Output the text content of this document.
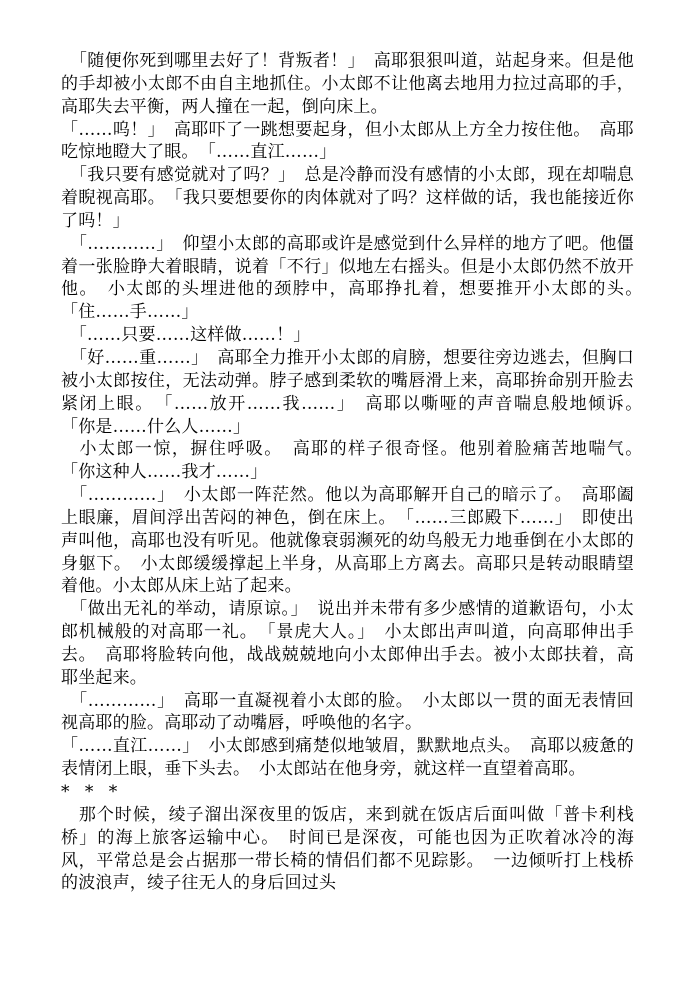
　「随便你死到哪里去好了！背叛者！」　高耶狠狠叫道，站起身来。但是他的手却被小太郎不由自主地抓住。小太郎不让他离去地用力拉过高耶的手，高耶失去平衡，两人撞在一起，倒向床上。

「……呜！」　高耶吓了一跳想要起身，但小太郎从上方全力按住他。　高耶吃惊地瞪大了眼。　「……直江……」

　「我只要有感觉就对了吗？」　总是冷静而没有感情的小太郎，现在却喘息着睨视高耶。　「我只要想要你的肉体就对了吗？这样做的话，我也能接近你了吗！」

　「…………」　仰望小太郎的高耶或许是感觉到什么异样的地方了吧。他僵着一张脸睁大着眼睛，说着「不行」似地左右摇头。但是小太郎仍然不放开他。　小太郎的头埋进他的颈脖中，高耶挣扎着，想要推开小太郎的头。　「住……手……」

　「……只要……这样做……！」

　「好……重……」　高耶全力推开小太郎的肩膀，想要往旁边逃去，但胸口被小太郎按住，无法动弹。脖子感到柔软的嘴唇滑上来，高耶拚命别开脸去紧闭上眼。　「……放开……我……」　高耶以嘶哑的声音喘息般地倾诉。　「你是……什么人……」

　小太郎一惊，摒住呼吸。　高耶的样子很奇怪。他别着脸痛苦地喘气。　「你这种人……我才……」

　「…………」　小太郎一阵茫然。他以为高耶解开自己的暗示了。　高耶阖上眼廉，眉间浮出苦闷的神色，倒在床上。　「……三郎殿下……」　即使出声叫他，高耶也没有听见。他就像衰弱濒死的幼鸟般无力地垂倒在小太郎的身躯下。　小太郎缓缓撑起上半身，从高耶上方离去。高耶只是转动眼睛望着他。小太郎从床上站了起来。

　「做出无礼的举动，请原谅。」　说出并未带有多少感情的道歉语句，小太郎机械般的对高耶一礼。　「景虎大人。」　小太郎出声叫道，向高耶伸出手去。　高耶将脸转向他，战战兢兢地向小太郎伸出手去。被小太郎扶着，高耶坐起来。

　「…………」　高耶一直凝视着小太郎的脸。　小太郎以一贯的面无表情回视高耶的脸。高耶动了动嘴唇，呼唤他的名字。

「……直江……」　小太郎感到痛楚似地皱眉，默默地点头。　高耶以疲惫的表情闭上眼，垂下头去。　小太郎站在他身旁，就这样一直望着高耶。

* * *

　那个时候，绫子溜出深夜里的饭店，来到就在饭店后面叫做「普卡利栈桥」的海上旅客运输中心。　时间已是深夜，可能也因为正吹着冰冷的海风，平常总是会占据那一带长椅的情侣们都不见踪影。　一边倾听打上栈桥的波浪声，绫子往无人的身后回过头
